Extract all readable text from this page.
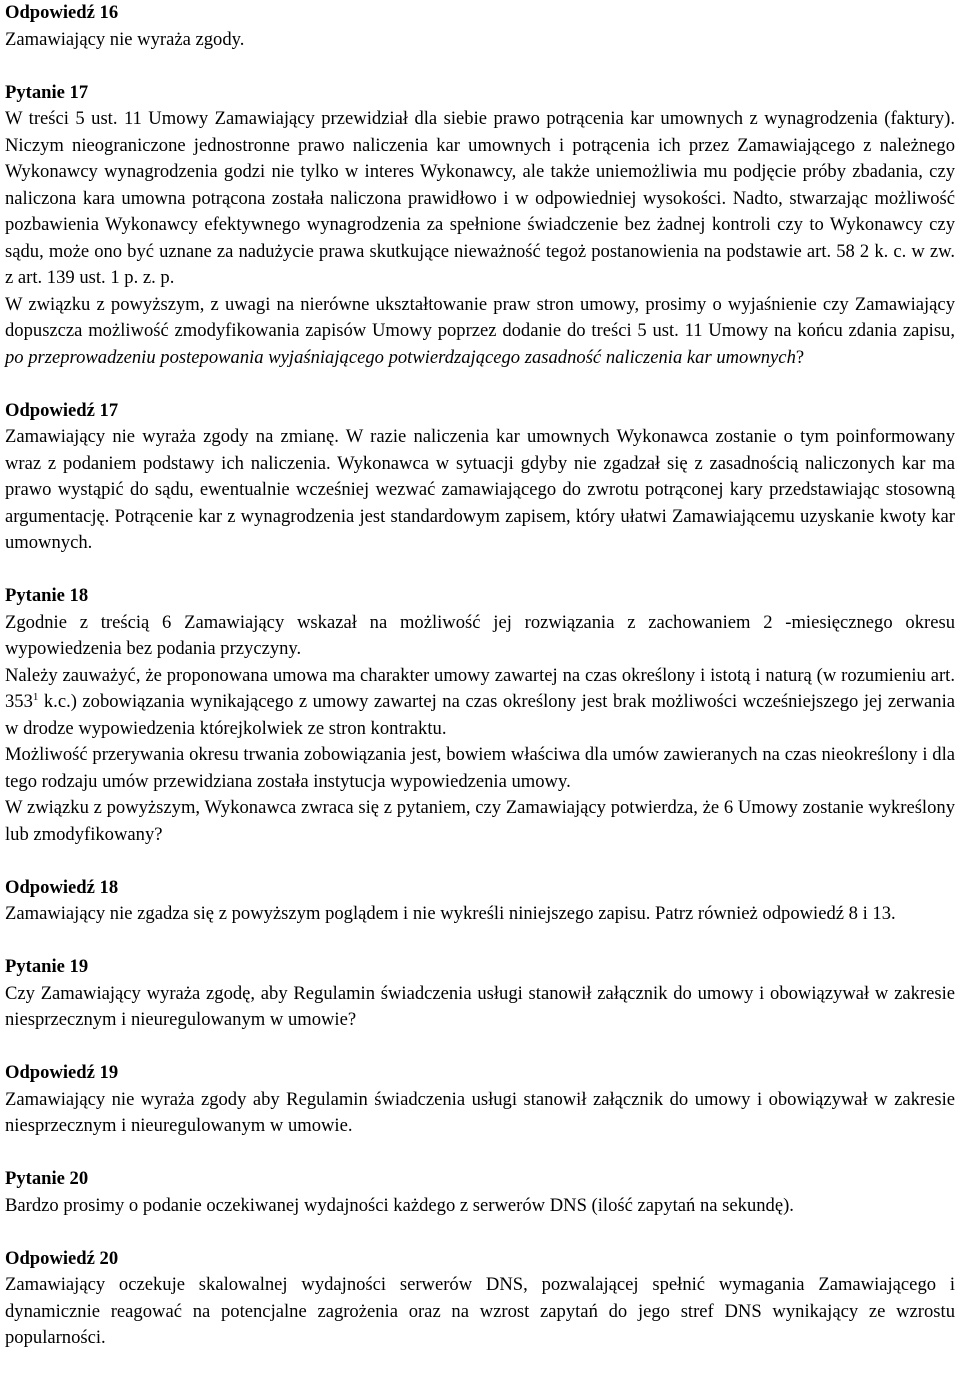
Odpowiedź 16

Zamawiający nie wyraża zgody.

Pytanie 17

W treści 5 ust. 11 Umowy Zamawiający przewidział dla siebie prawo potrącenia kar umownych z wynagrodzenia (faktury). Niczym nieograniczone jednostronne prawo naliczenia kar umownych i potrącenia ich przez Zamawiającego z należnego Wykonawcy wynagrodzenia godzi nie tylko w interes Wykonawcy, ale także uniemożliwia mu podjęcie próby zbadania, czy naliczona kara umowna potrącona została naliczona prawidłowo i w odpowiedniej wysokości. Nadto, stwarzając możliwość pozbawienia Wykonawcy efektywnego wynagrodzenia za spełnione świadczenie bez żadnej kontroli czy to Wykonawcy czy sądu, może ono być uznane za nadużycie prawa skutkujące nieważność tegoż postanowienia na podstawie art. 58 2 k. c. w zw. z art. 139 ust. 1 p. z. p.

W związku z powyższym, z uwagi na nierówne ukształtowanie praw stron umowy, prosimy o wyjaśnienie czy Zamawiający dopuszcza możliwość zmodyfikowania zapisów Umowy poprzez dodanie do treści 5 ust. 11 Umowy na końcu zdania zapisu, po przeprowadzeniu postepowania wyjaśniającego potwierdzającego zasadność naliczenia kar umownych?

Odpowiedź 17

Zamawiający nie wyraża zgody na zmianę. W razie naliczenia kar umownych Wykonawca zostanie o tym poinformowany wraz z podaniem podstawy ich naliczenia. Wykonawca w sytuacji gdyby nie zgadzał się z zasadnością naliczonych kar ma prawo wystąpić do sądu, ewentualnie wcześniej wezwać zamawiającego do zwrotu potrąconej kary przedstawiając stosowną argumentację. Potrącenie kar z wynagrodzenia jest standardowym zapisem, który ułatwi Zamawiającemu uzyskanie kwoty kar umownych.

Pytanie 18

Zgodnie z treścią 6 Zamawiający wskazał na możliwość jej rozwiązania z zachowaniem 2 -miesięcznego okresu wypowiedzenia bez podania przyczyny.

Należy zauważyć, że proponowana umowa ma charakter umowy zawartej na czas określony i istotą i naturą (w rozumieniu art. $353^1$ k.c.) zobowiązania wynikającego z umowy zawartej na czas określony jest brak możliwości wcześniejszego jej zerwania w drodze wypowiedzenia którejkolwiek ze stron kontraktu.

Możliwość przerywania okresu trwania zobowiązania jest, bowiem właściwa dla umów zawieranych na czas nieokreślony i dla tego rodzaju umów przewidziana została instytucja wypowiedzenia umowy.

W związku z powyższym, Wykonawca zwraca się z pytaniem, czy Zamawiający potwierdza, że 6 Umowy zostanie wykreślony lub zmodyfikowany?

Odpowiedź 18

Zamawiający nie zgadza się z powyższym poglądem i nie wykreśli niniejszego zapisu. Patrz również odpowiedź 8 i 13.

Pytanie 19

Czy Zamawiający wyraża zgodę, aby Regulamin świadczenia usługi stanowił załącznik do umowy i obowiązywał w zakresie niesprzecznym i nieuregulowanym w umowie?

Odpowiedź 19

Zamawiający nie wyraża zgody aby Regulamin świadczenia usługi stanowił załącznik do umowy i obowiązywał w zakresie niesprzecznym i nieuregulowanym w umowie.

Pytanie 20

Bardzo prosimy o podanie oczekiwanej wydajności każdego z serwerów DNS (ilość zapytań na sekundę).

Odpowiedź 20

Zamawiający oczekuje skalowalnej wydajności serwerów DNS, pozwalającej spełnić wymagania Zamawiającego i dynamicznie reagować na potencjalne zagrożenia oraz na wzrost zapytań do jego stref DNS wynikający ze wzrostu popularności.
